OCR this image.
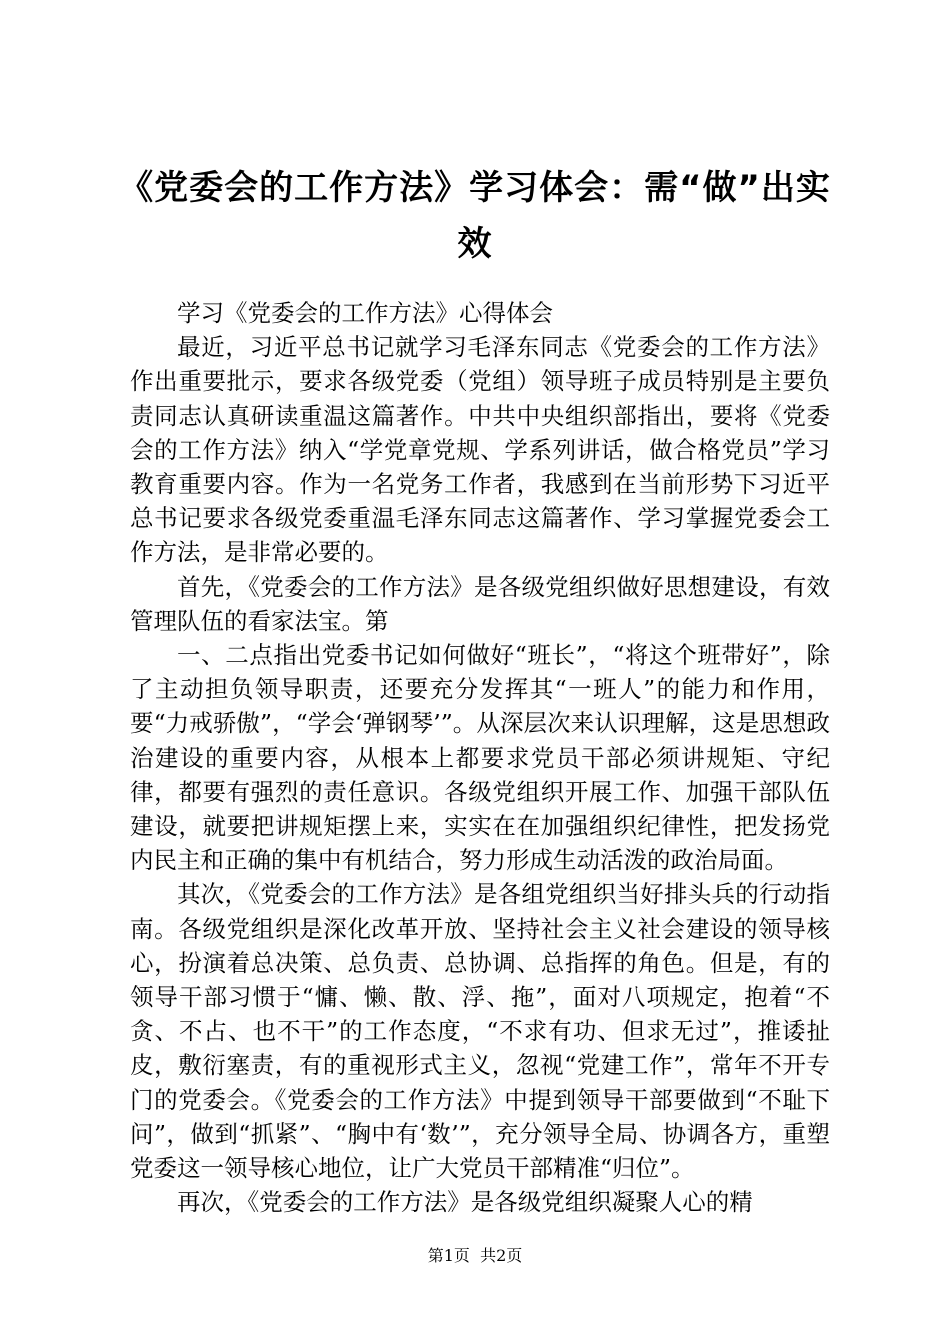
《党委会的工作方法》学习体会：需“做”出实效

学习《党委会的工作方法》心得体会

最近，习近平总书记就学习毛泽东同志《党委会的工作方法》作出重要批示，要求各级党委（党组）领导班子成员特别是主要负责同志认真研读重温这篇著作。中共中央组织部指出，要将《党委会的工作方法》纳入“学党章党规、学系列讲话，做合格党员”学习教育重要内容。作为一名党务工作者，我感到在当前形势下习近平总书记要求各级党委重温毛泽东同志这篇著作、学习掌握党委会工作方法，是非常必要的。

首先，《党委会的工作方法》是各级党组织做好思想建设，有效管理队伍的看家法宝。第

一、二点指出党委书记如何做好“班长”，“将这个班带好”，除了主动担负领导职责，还要充分发挥其“一班人”的能力和作用，要“力戒骄傲”，“学会‘弹钢琴’”。从深层次来认识理解，这是思想政治建设的重要内容，从根本上都要求党员干部必须讲规矩、守纪律，都要有强烈的责任意识。各级党组织开展工作、加强干部队伍建设，就要把讲规矩摆上来，实实在在加强组织纪律性，把发扬党内民主和正确的集中有机结合，努力形成生动活泼的政治局面。

其次，《党委会的工作方法》是各组党组织当好排头兵的行动指南。各级党组织是深化改革开放、坚持社会主义社会建设的领导核心，扮演着总决策、总负责、总协调、总指挥的角色。但是，有的领导干部习惯于“慵、懒、散、浮、拖”，面对八项规定，抱着“不贪、不占、也不干”的工作态度，“不求有功、但求无过”，推诿扯皮，敷衍塞责，有的重视形式主义，忽视“党建工作”，常年不开专门的党委会。《党委会的工作方法》中提到领导干部要做到“不耻下问”，做到“抓紧”、“胸中有‘数’”，充分领导全局、协调各方，重塑党委这一领导核心地位，让广大党员干部精准“归位”。

再次，《党委会的工作方法》是各级党组织凝聚人心的精

第1页  共2页
